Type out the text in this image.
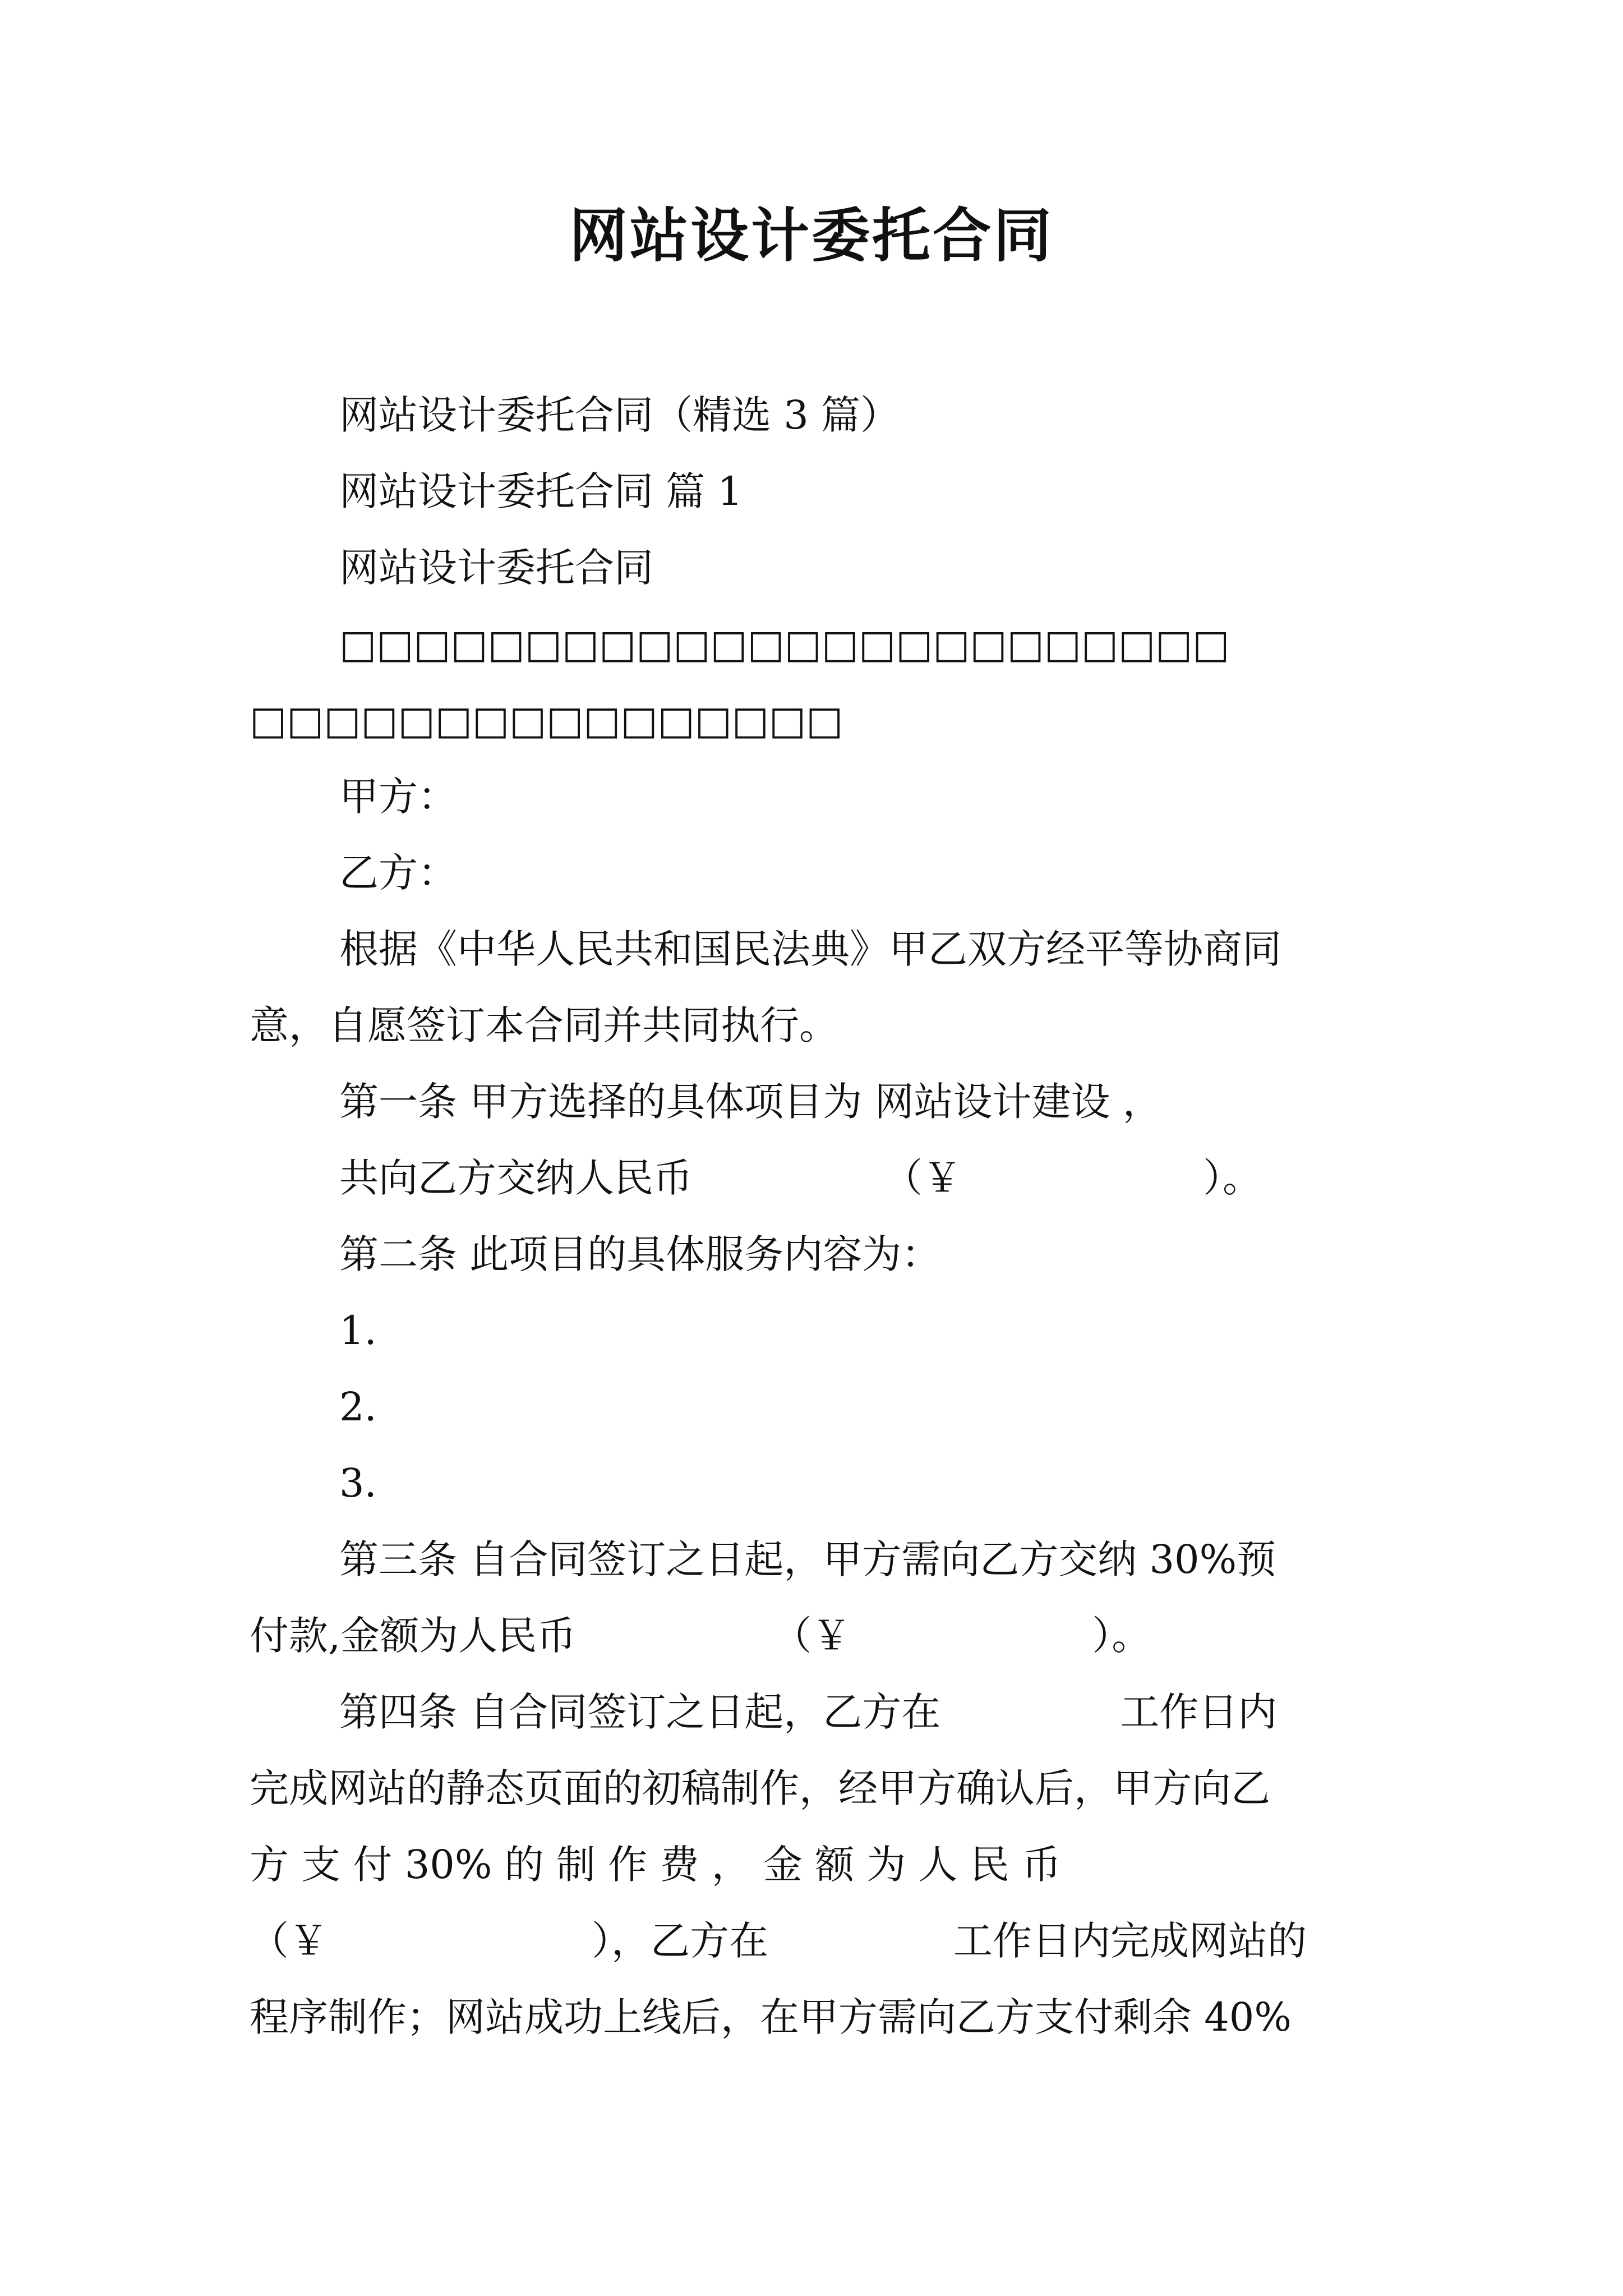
网站设计委托合同

网站设计委托合同（精选 3 篇）

网站设计委托合同 篇 1

网站设计委托合同

□□□□□□□□□□□□□□□□□□□□□□□□

□□□□□□□□□□□□□□□□

甲方：

乙方：

根据《中华人民共和国民法典》甲乙双方经平等协商同

意，自愿签订本合同并共同执行。

第一条 甲方选择的具体项目为 网站设计建设 ，

共向乙方交纳人民币	（￥	）。

第二条 此项目的具体服务内容为：

1.

2.

3.

第三条 自合同签订之日起，甲方需向乙方交纳 30%预

付款,金额为人民币	（￥	）。

第四条 自合同签订之日起，乙方在	工作日内

完成网站的静态页面的初稿制作，经甲方确认后，甲方向乙

方 支 付 30% 的 制 作 费 ， 金 额 为 人 民 币

（￥	），乙方在	工作日内完成网站的

程序制作；网站成功上线后，在甲方需向乙方支付剩余 40%
